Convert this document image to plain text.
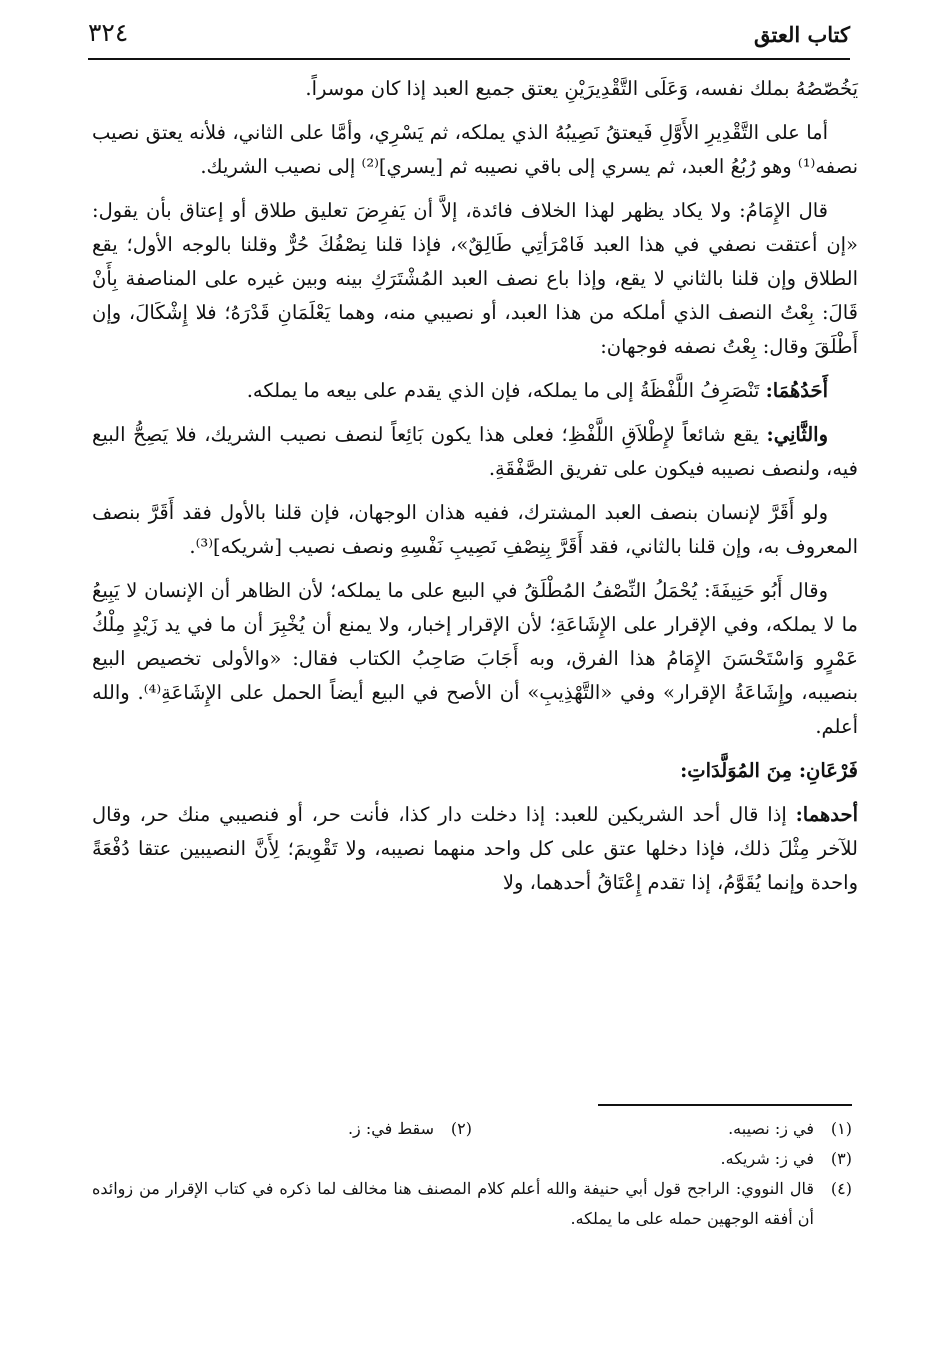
٣٢٤	كتاب العتق

يَخُصّصُهُ بملك نفسه، وَعَلَى التَّقْدِيرَيْنِ يعتق جميع العبد إذا كان موسراً.

أما على التَّقْدِيرِ الأَوَّلِ فَيعتقُ نَصِيبُهُ الذي يملكه، ثم يَسْرِي، وأمَّا على الثاني، فلأنه يعتق نصيب نصفه⁽¹⁾ وهو رُبُعُ العبد، ثم يسري إلى باقي نصيبه ثم [يسري]⁽²⁾ إلى نصيب الشريك.

قال الإِمَامُ: ولا يكاد يظهر لهذا الخلاف فائدة، إلاَّ أن يَفرِضَ تعليق طلاق أو إعتاق بأن يقول: «إن أعتقت نصفي في هذا العبد فَامْرَأتِي طَالِقٌ»، فإذا قلنا نِصْفُكَ حُرٌّ وقلنا بالوجه الأول؛ يقع الطلاق وإن قلنا بالثاني لا يقع، وإذا باع نصف العبد المُشْتَرَكِ بينه وبين غيره على المناصفة بِأَنْ قَالَ: بِعْتُ النصف الذي أملكه من هذا العبد، أو نصيبي منه، وهما يَعْلَمَانِ قَدْرَهُ؛ فلا إِشْكَالَ، وإن أَطْلَقَ وقال: بِعْتُ نصفه فوجهان:

أَحَدُهُمَا: تَنْصَرِفُ اللَّفْظَةُ إلى ما يملكه، فإن الذي يقدم على بيعه ما يملكه.

والثَّانِي: يقع شائعاً لإِطْلاَقِ اللَّفْظِ؛ فعلى هذا يكون بَائِعاً لنصف نصيب الشريك، فلا يَصِحُّ البيع فيه، ولنصف نصيبه فيكون على تفريق الصَّفْقَةِ.

ولو أَقَرَّ لإنسان بنصف العبد المشترك، ففيه هذان الوجهان، فإن قلنا بالأول فقد أَقَرَّ بنصف المعروف به، وإن قلنا بالثاني، فقد أَقَرَّ بِنِصْفِ نَصِيبِ نَفْسِهِ ونصف نصيب [شريكه]⁽³⁾.

وقال أَبُو حَنِيفَةَ: يُحْمَلُ النِّصْفُ المُطْلَقُ في البيع على ما يملكه؛ لأن الظاهر أن الإنسان لا يَبِيعُ ما لا يملكه، وفي الإقرار على الإِشَاعَةِ؛ لأن الإقرار إخبار، ولا يمنع أن يُخْبِرَ أن ما في يد زَيْدٍ مِلْكُ عَمْرٍو وَاسْتَحْسَنَ الإِمَامُ هذا الفرق، وبه أَجَابَ صَاحِبُ الكتاب فقال: «والأولى تخصيص البيع بنصيبه، وإِشَاعَةُ الإقرار» وفي «التَّهْذِيبِ» أن الأصح في البيع أيضاً الحمل على الإِشَاعَةِ⁽⁴⁾. والله أعلم.

فَرْعَانِ: مِنَ المُوَلَّدَاتِ:

أحدهما: إذا قال أحد الشريكين للعبد: إذا دخلت دار كذا، فأنت حر، أو فنصيبي منك حر، وقال للآخر مِثْلَ ذلك، فإذا دخلها عتق على كل واحد منهما نصيبه، ولا تَقْوِيمَ؛ لِأَنَّ النصيبين عتقا دُفْعَةً واحدة وإنما يُقَوَّمُ، إذا تقدم إِعْتَاقُ أحدهما، ولا

(١)في ز: نصيبه.
(٢)سقط في: ز.
(٣)في ز: شريكه.
(٤)
قال النووي: الراجح قول أبي حنيفة والله أعلم كلام المصنف هنا مخالف لما ذكره في كتاب الإقرار من زوائده أن أفقه الوجهين حمله على ما يملكه.
